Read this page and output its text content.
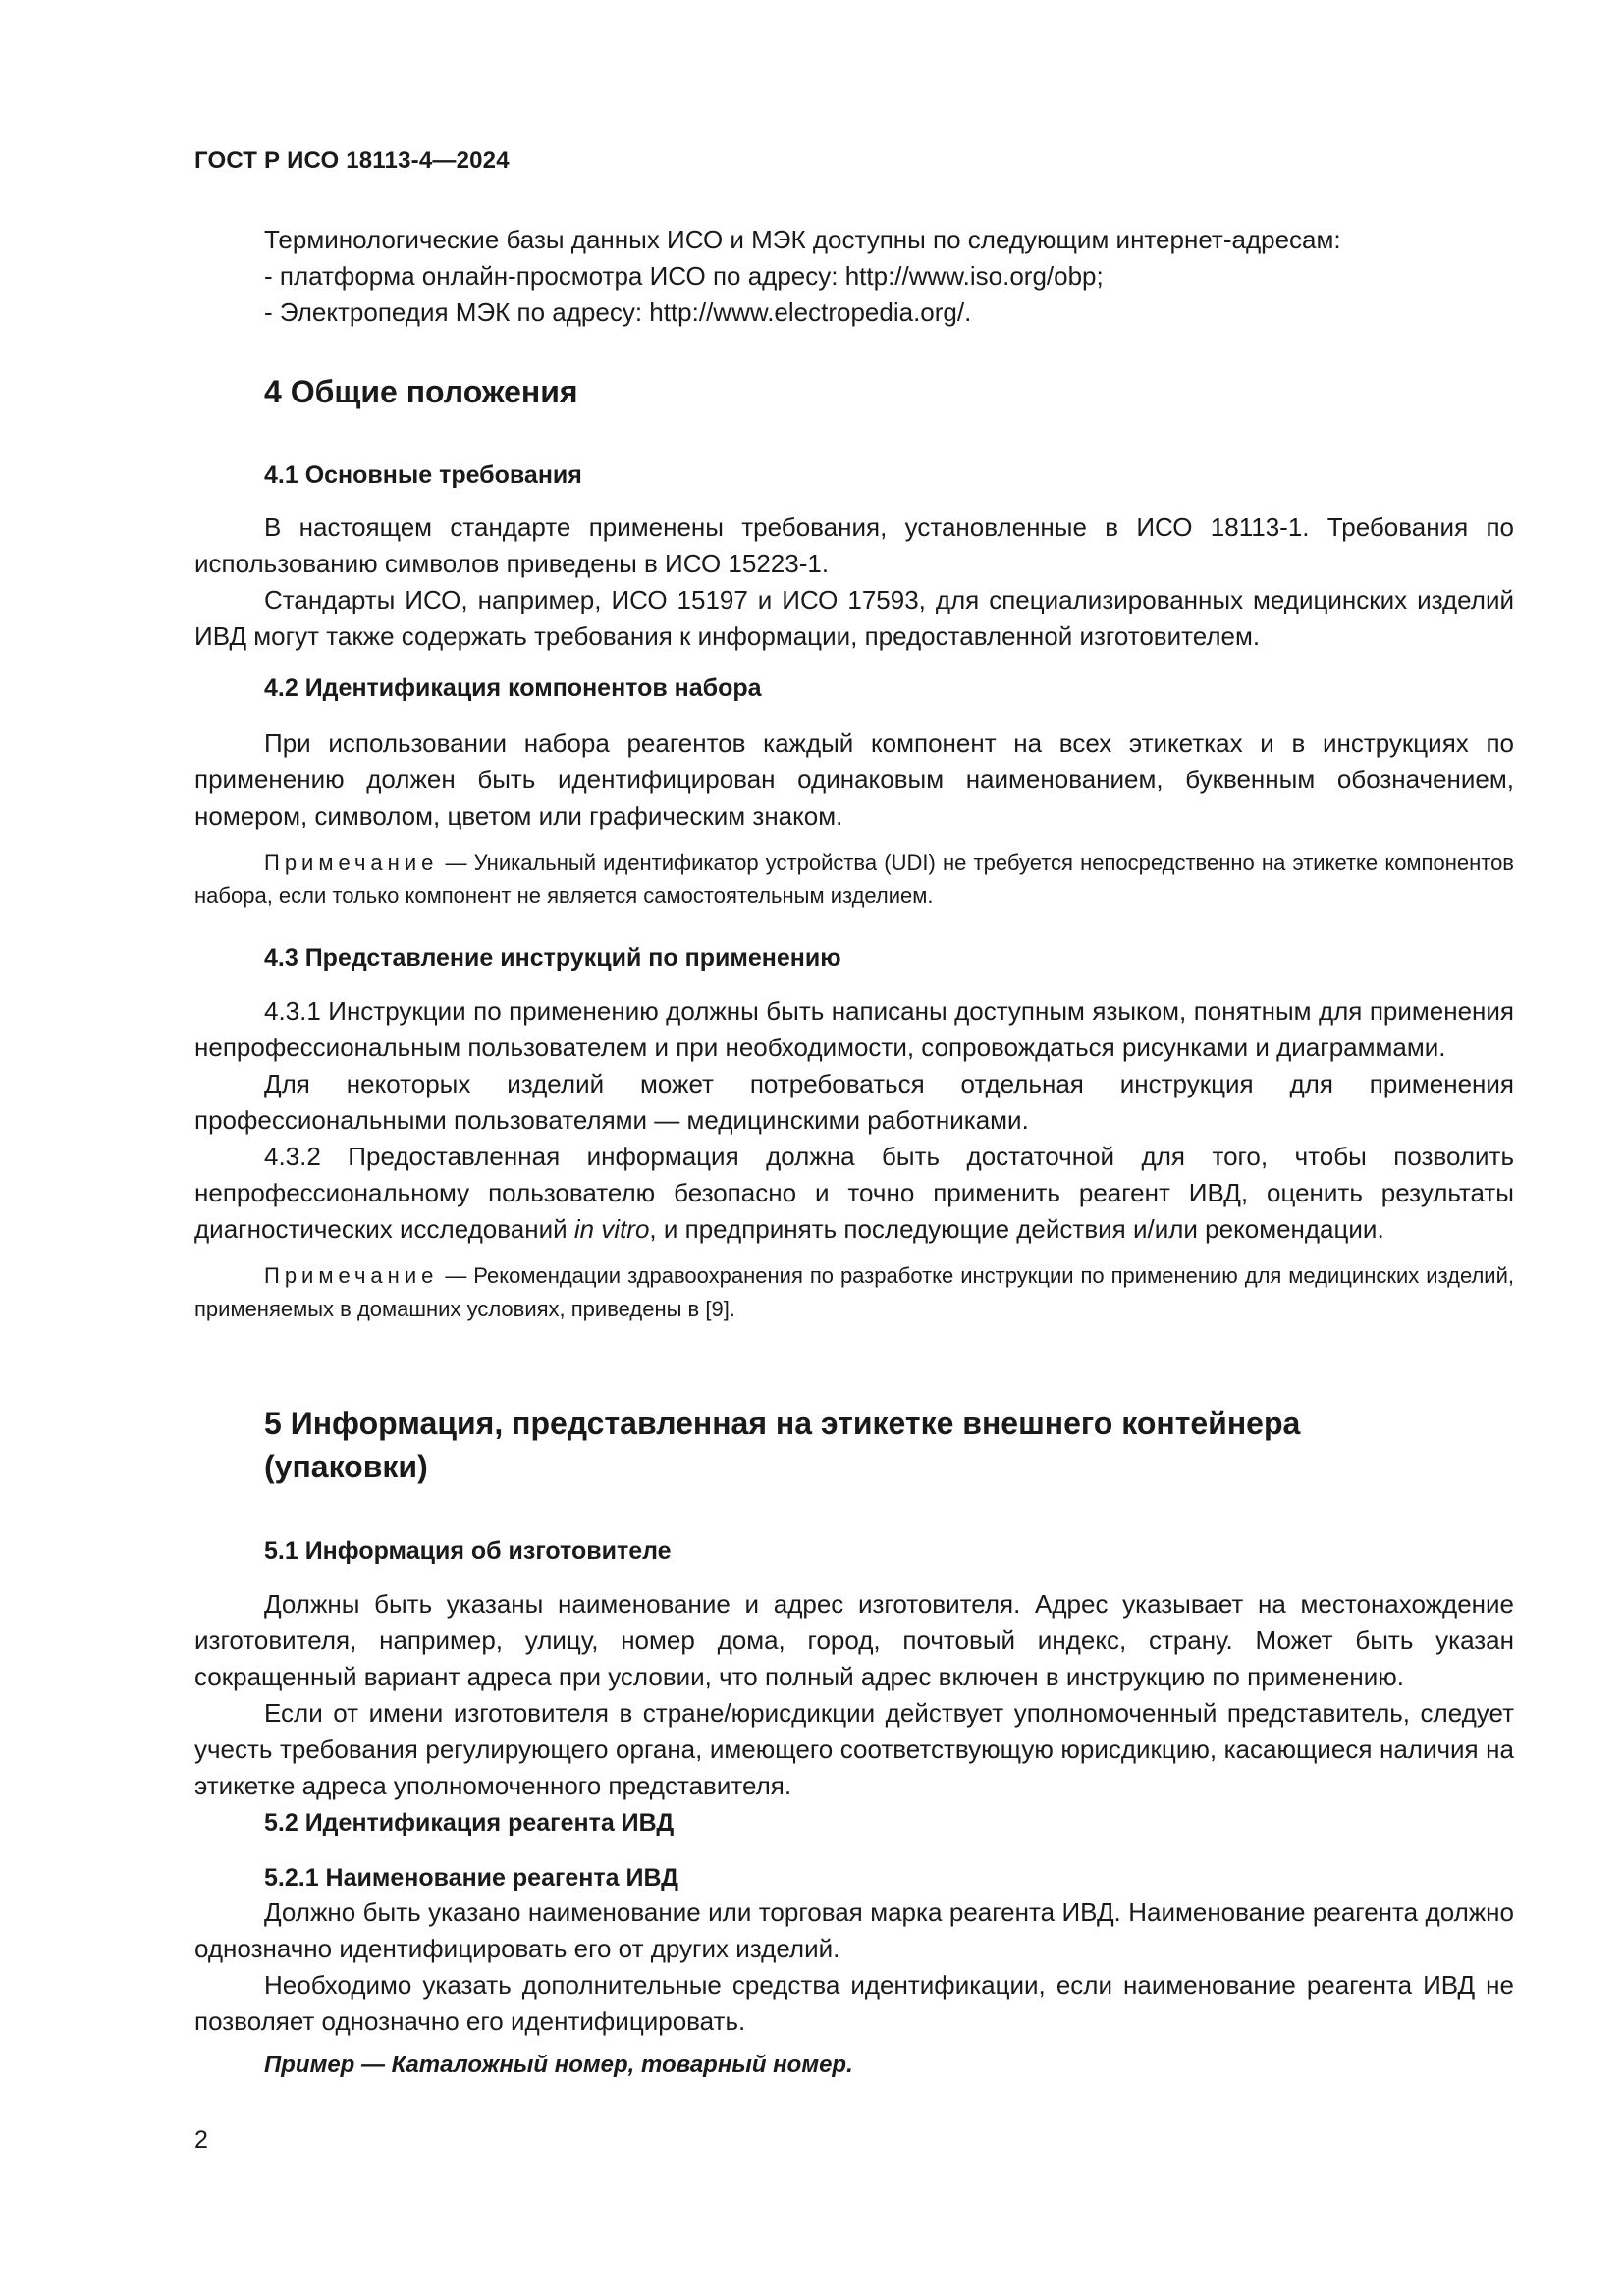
ГОСТ Р ИСО 18113-4—2024

Терминологические базы данных ИСО и МЭК доступны по следующим интернет-адресам:

- платформа онлайн-просмотра ИСО по адресу: http://www.iso.org/obp;

- Электропедия МЭК по адресу: http://www.electropedia.org/.

4 Общие положения
4.1 Основные требования

В настоящем стандарте применены требования, установленные в ИСО 18113-1. Требования по использованию символов приведены в ИСО 15223-1.

Стандарты ИСО, например, ИСО 15197 и ИСО 17593, для специализированных медицинских изделий ИВД могут также содержать требования к информации, предоставленной изготовителем.

4.2 Идентификация компонентов набора

При использовании набора реагентов каждый компонент на всех этикетках и в инструкциях по применению должен быть идентифицирован одинаковым наименованием, буквенным обозначением, номером, символом, цветом или графическим знаком.

Примечание — Уникальный идентификатор устройства (UDI) не требуется непосредственно на этикетке компонентов набора, если только компонент не является самостоятельным изделием.
4.3 Представление инструкций по применению

4.3.1 Инструкции по применению должны быть написаны доступным языком, понятным для применения непрофессиональным пользователем и при необходимости, сопровождаться рисунками и диаграммами.

Для некоторых изделий может потребоваться отдельная инструкция для применения профессиональными пользователями — медицинскими работниками.

4.3.2 Предоставленная информация должна быть достаточной для того, чтобы позволить непрофессиональному пользователю безопасно и точно применить реагент ИВД, оценить результаты диагностических исследований in vitro, и предпринять последующие действия и/или рекомендации.

Примечание — Рекомендации здравоохранения по разработке инструкции по применению для медицинских изделий, применяемых в домашних условиях, приведены в [9].
5 Информация, представленная на этикетке внешнего контейнера
(упаковки)
5.1 Информация об изготовителе

Должны быть указаны наименование и адрес изготовителя. Адрес указывает на местонахождение изготовителя, например, улицу, номер дома, город, почтовый индекс, страну. Может быть указан сокращенный вариант адреса при условии, что полный адрес включен в инструкцию по применению.

Если от имени изготовителя в стране/юрисдикции действует уполномоченный представитель, следует учесть требования регулирующего органа, имеющего соответствующую юрисдикцию, касающиеся наличия на этикетке адреса уполномоченного представителя.

5.2 Идентификация реагента ИВД
5.2.1 Наименование реагента ИВД

Должно быть указано наименование или торговая марка реагента ИВД. Наименование реагента должно однозначно идентифицировать его от других изделий.

Необходимо указать дополнительные средства идентификации, если наименование реагента ИВД не позволяет однозначно его идентифицировать.

Пример — Каталожный номер, товарный номер.
2
